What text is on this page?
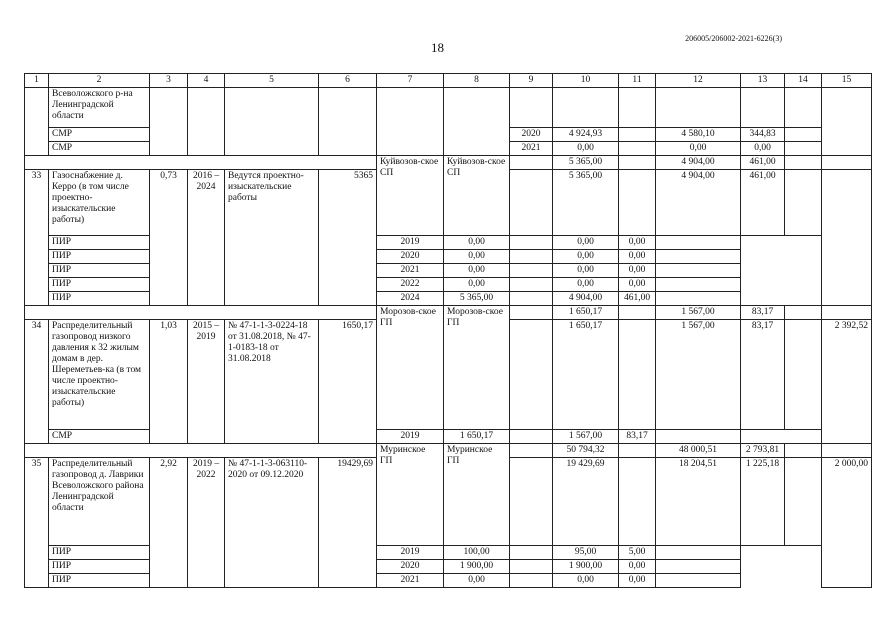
206005/206002-2021-6226(3)
18
1	2	3	4	5	6	7	8	9	10	11	12	13	14	15
	Всеволожского р-на Ленинградской области													
	СМР							2020	4 924,93		4 580,10	344,83		
	СМР							2021	0,00		0,00	0,00		
						Куйвозов-ское СП	Куйвозов-ское СП		5 365,00		4 904,00	461,00		
33	Газоснабжение д. Керро (в том числе проектно-изыскательские работы)	0,73	2016 – 2024	Ведутся проектно-изыскательские работы	5365				5 365,00		4 904,00	461,00		
	ПИР					2019	0,00		0,00	0,00				
	ПИР					2020	0,00		0,00	0,00				
	ПИР					2021	0,00		0,00	0,00				
	ПИР					2022	0,00		0,00	0,00				
	ПИР					2024	5 365,00		4 904,00	461,00				
						Морозов-ское ГП	Морозов-ское ГП		1 650,17		1 567,00	83,17		
34	Распределительный газопровод низкого давления к 32 жилым домам в дер. Шереметьев-ка (в том числе проектно-изыскательские работы)	1,03	2015 – 2019	№ 47-1-1-3-0224-18 от 31.08.2018, № 47-1-0183-18 от 31.08.2018	1650,17				1 650,17		1 567,00	83,17		2 392,52
	СМР					2019	1 650,17		1 567,00	83,17				
						Муринское ГП	Муринское ГП		50 794,32		48 000,51	2 793,81		
35	Распределительный газопровод д. Лаврики Всеволожского района Ленинградской области	2,92	2019 – 2022	№ 47-1-1-3-063110-2020 от 09.12.2020	19429,69				19 429,69		18 204,51	1 225,18		2 000,00
	ПИР					2019	100,00		95,00	5,00				
	ПИР					2020	1 900,00		1 900,00	0,00				
	ПИР					2021	0,00		0,00	0,00				
